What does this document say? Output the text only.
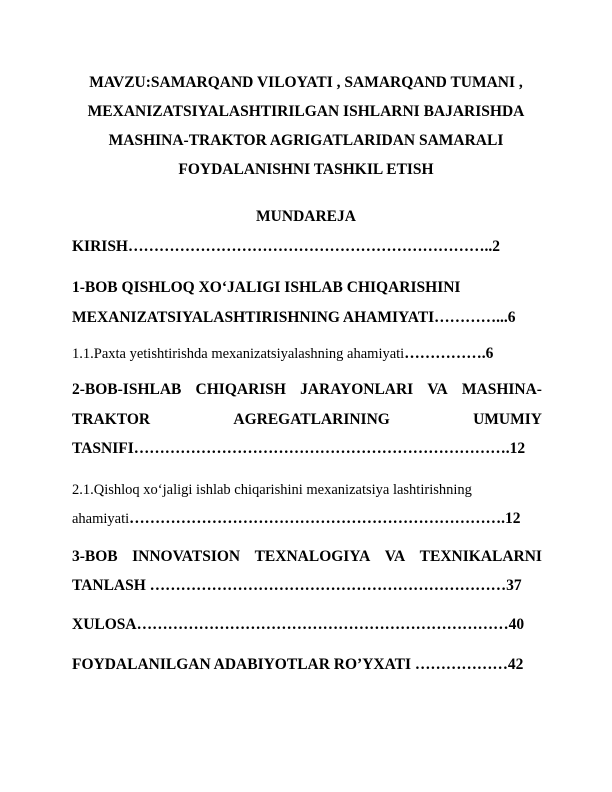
MAVZU:SAMARQAND VILOYATI , SAMARQAND TUMANI ,
MEXANIZATSIYALASHTIRILGAN ISHLARNI BAJARISHDA
MASHINA-TRAKTOR AGRIGATLARIDAN SAMARALI
FOYDALANISHNI TASHKIL ETISH
MUNDAREJA
KIRISH……………………………………………………………..2
1-BOB QISHLOQ XO‘JALIGI ISHLAB CHIQARISHINI
MEXANIZATSIYALASHTIRISHNING AHAMIYATI…………...6
1.1.Paxta yetishtirishda mexanizatsiyalashning ahamiyati…………….6
2-BOB-ISHLAB CHIQARISH JARAYONLARI VA MASHINA-
TRAKTOR	AGREGATLARINING	UMUMIY
TASNIFI……………………………………………………………….12
2.1.Qishloq xo‘jaligi ishlab chiqarishini mexanizatsiya lashtirishning
ahamiyati……………………………………………………………….12
3-BOB INNOVATSION TEXNALOGIYA VA TEXNIKALARNI
TANLASH ……………………………………………………………37
XULOSA………………………………………………………………40
FOYDALANILGAN ADABIYOTLAR RO’YXATI ………………42
